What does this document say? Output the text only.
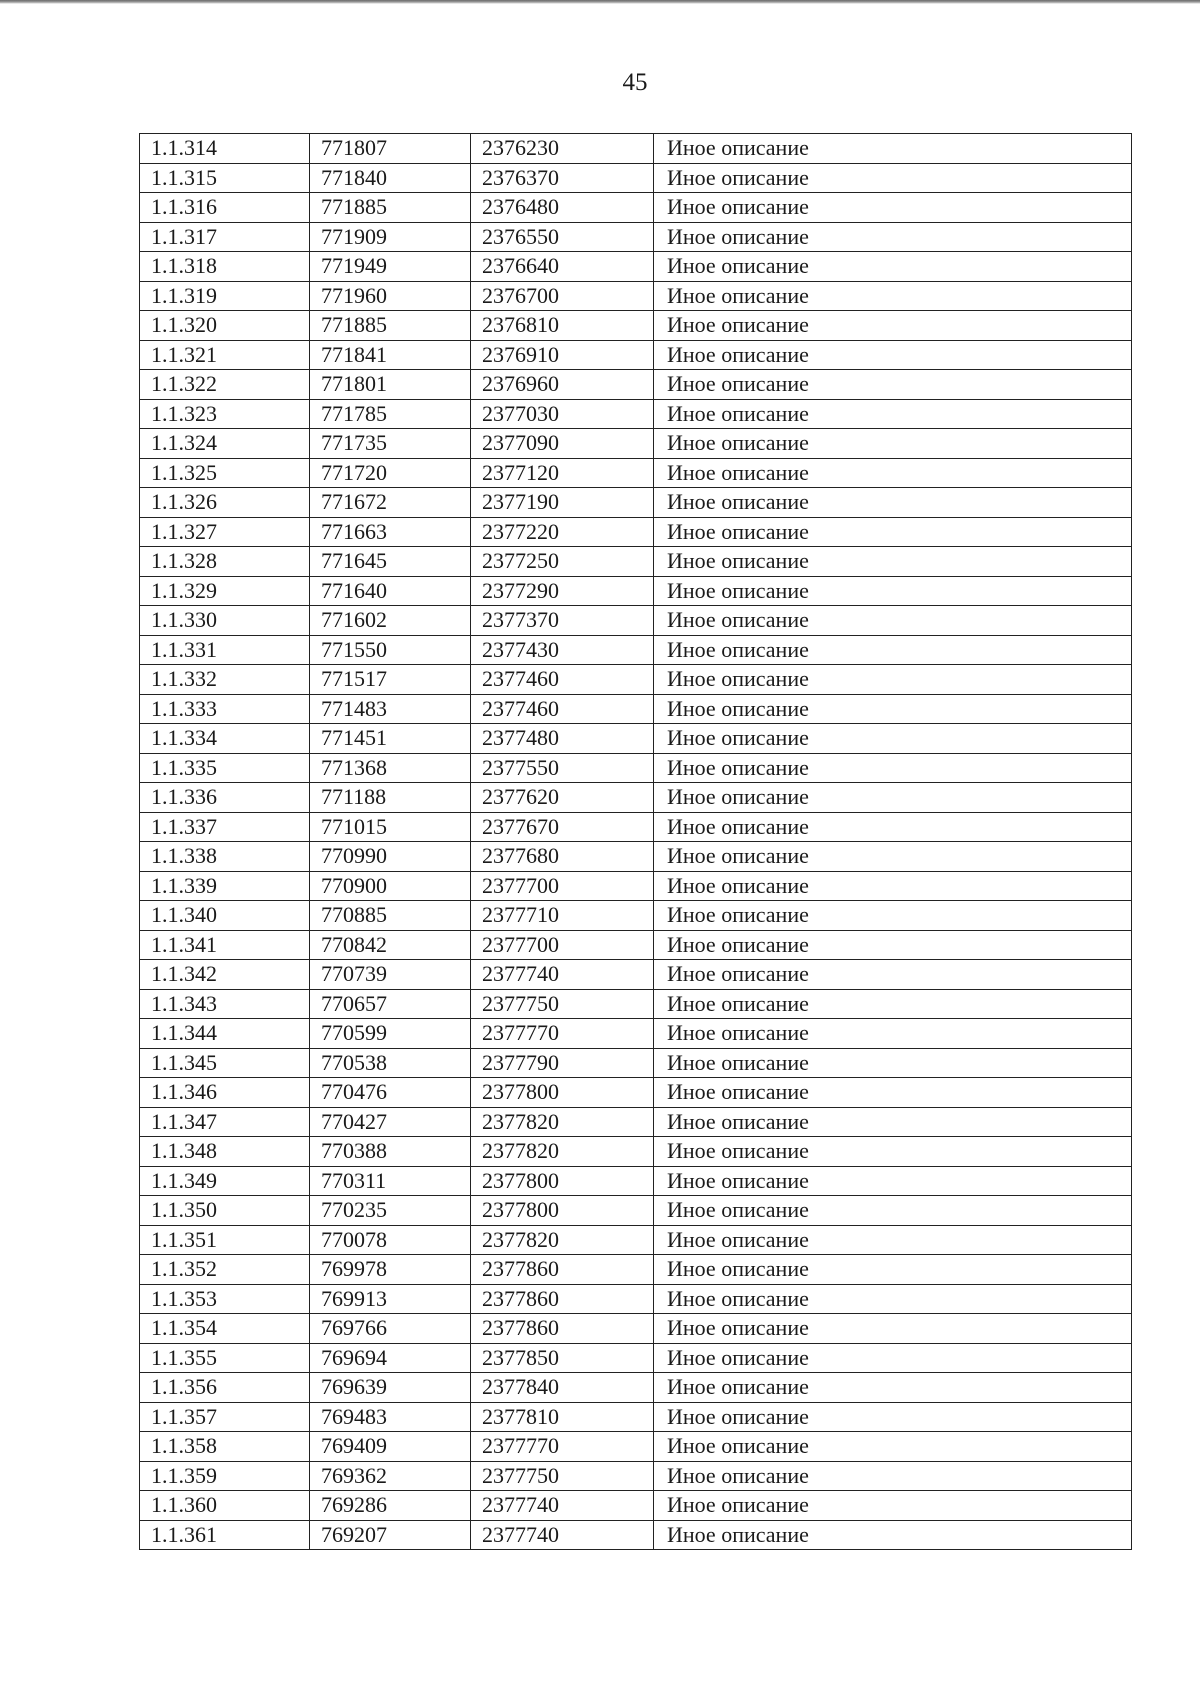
45
1.1.314	771807	2376230	Иное описание
1.1.315	771840	2376370	Иное описание
1.1.316	771885	2376480	Иное описание
1.1.317	771909	2376550	Иное описание
1.1.318	771949	2376640	Иное описание
1.1.319	771960	2376700	Иное описание
1.1.320	771885	2376810	Иное описание
1.1.321	771841	2376910	Иное описание
1.1.322	771801	2376960	Иное описание
1.1.323	771785	2377030	Иное описание
1.1.324	771735	2377090	Иное описание
1.1.325	771720	2377120	Иное описание
1.1.326	771672	2377190	Иное описание
1.1.327	771663	2377220	Иное описание
1.1.328	771645	2377250	Иное описание
1.1.329	771640	2377290	Иное описание
1.1.330	771602	2377370	Иное описание
1.1.331	771550	2377430	Иное описание
1.1.332	771517	2377460	Иное описание
1.1.333	771483	2377460	Иное описание
1.1.334	771451	2377480	Иное описание
1.1.335	771368	2377550	Иное описание
1.1.336	771188	2377620	Иное описание
1.1.337	771015	2377670	Иное описание
1.1.338	770990	2377680	Иное описание
1.1.339	770900	2377700	Иное описание
1.1.340	770885	2377710	Иное описание
1.1.341	770842	2377700	Иное описание
1.1.342	770739	2377740	Иное описание
1.1.343	770657	2377750	Иное описание
1.1.344	770599	2377770	Иное описание
1.1.345	770538	2377790	Иное описание
1.1.346	770476	2377800	Иное описание
1.1.347	770427	2377820	Иное описание
1.1.348	770388	2377820	Иное описание
1.1.349	770311	2377800	Иное описание
1.1.350	770235	2377800	Иное описание
1.1.351	770078	2377820	Иное описание
1.1.352	769978	2377860	Иное описание
1.1.353	769913	2377860	Иное описание
1.1.354	769766	2377860	Иное описание
1.1.355	769694	2377850	Иное описание
1.1.356	769639	2377840	Иное описание
1.1.357	769483	2377810	Иное описание
1.1.358	769409	2377770	Иное описание
1.1.359	769362	2377750	Иное описание
1.1.360	769286	2377740	Иное описание
1.1.361	769207	2377740	Иное описание
